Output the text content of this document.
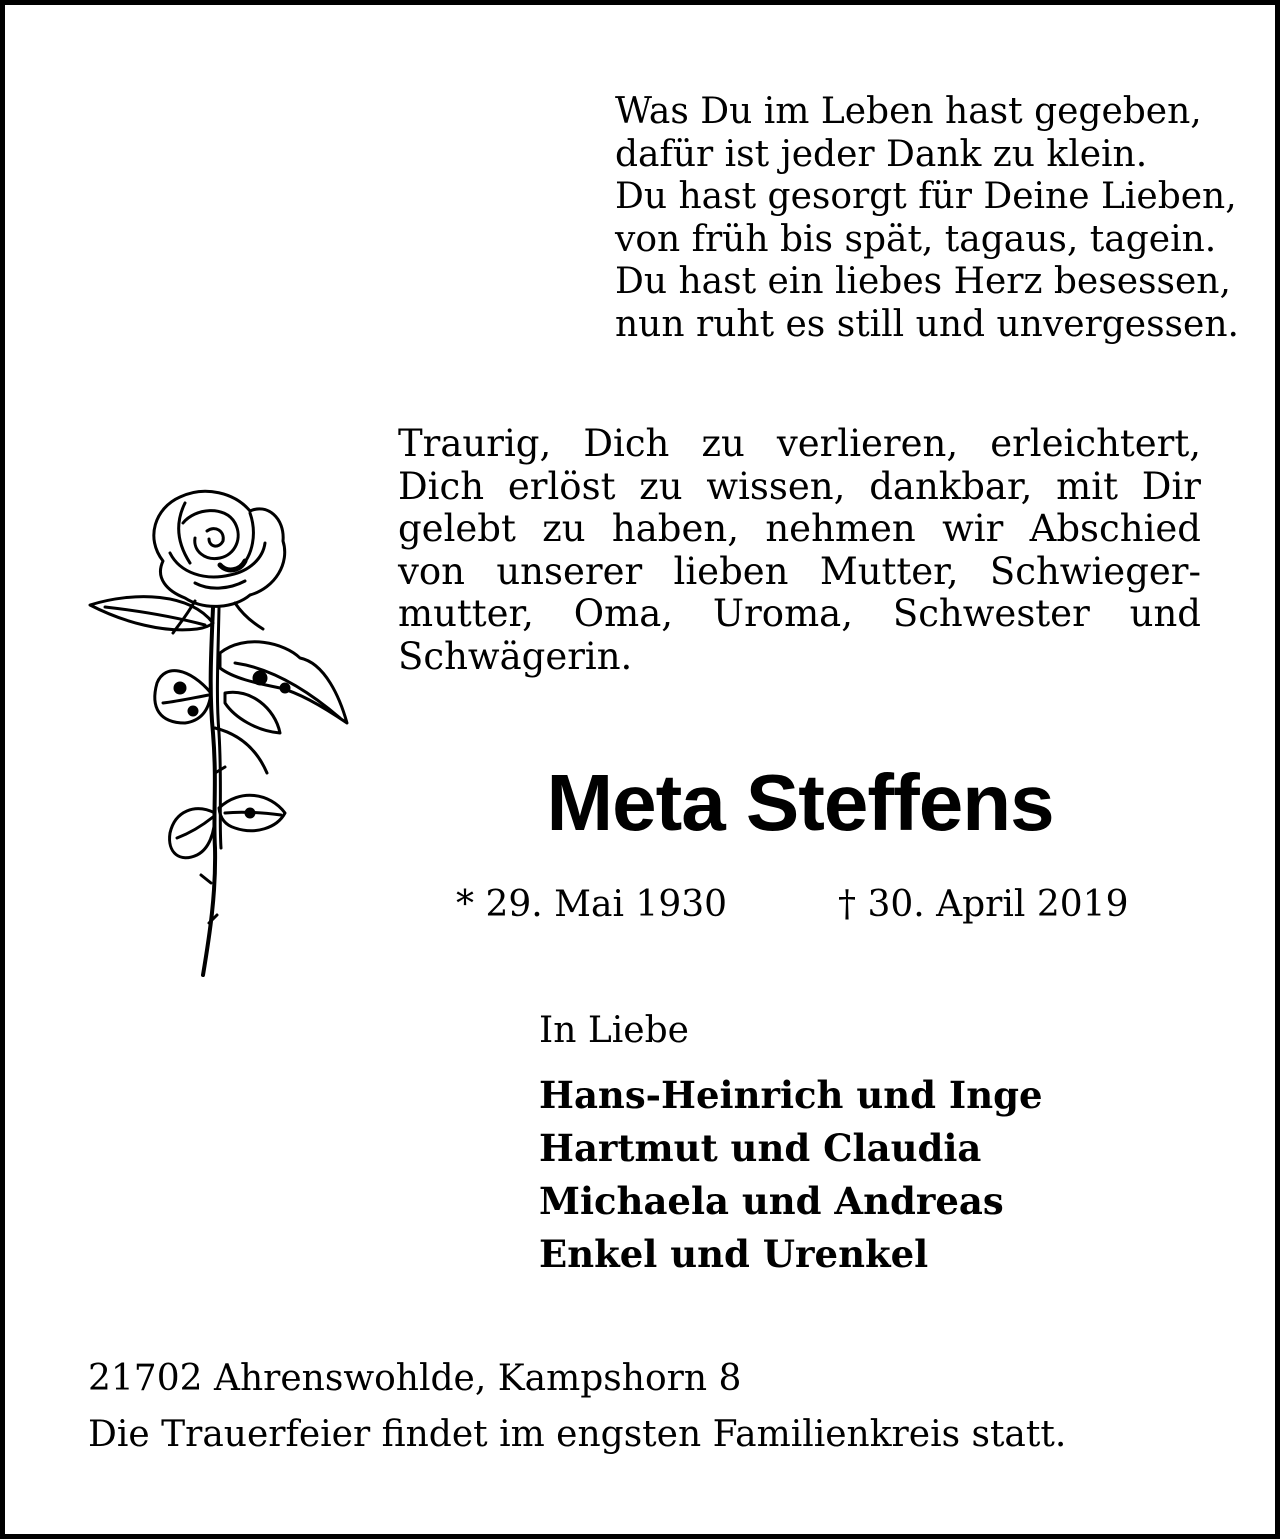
Was Du im Leben hast gegeben,
dafür ist jeder Dank zu klein.
Du hast gesorgt für Deine Lieben,
von früh bis spät, tagaus, tagein.
Du hast ein liebes Herz besessen,
nun ruht es still und unvergessen.
Traurig, Dich zu verlieren, erleichtert, Dich erlöst zu wissen, dankbar, mit Dir gelebt zu haben, nehmen wir Abschied von unserer lieben Mutter, Schwiegermutter, Oma, Uroma, Schwester und Schwägerin.
Meta Steffens
* 29. Mai 1930	† 30. April 2019
In Liebe
Hans-Heinrich und Inge
Hartmut und Claudia
Michaela und Andreas
Enkel und Urenkel
21702 Ahrenswohlde, Kampshorn 8
Die Trauerfeier findet im engsten Familienkreis statt.
